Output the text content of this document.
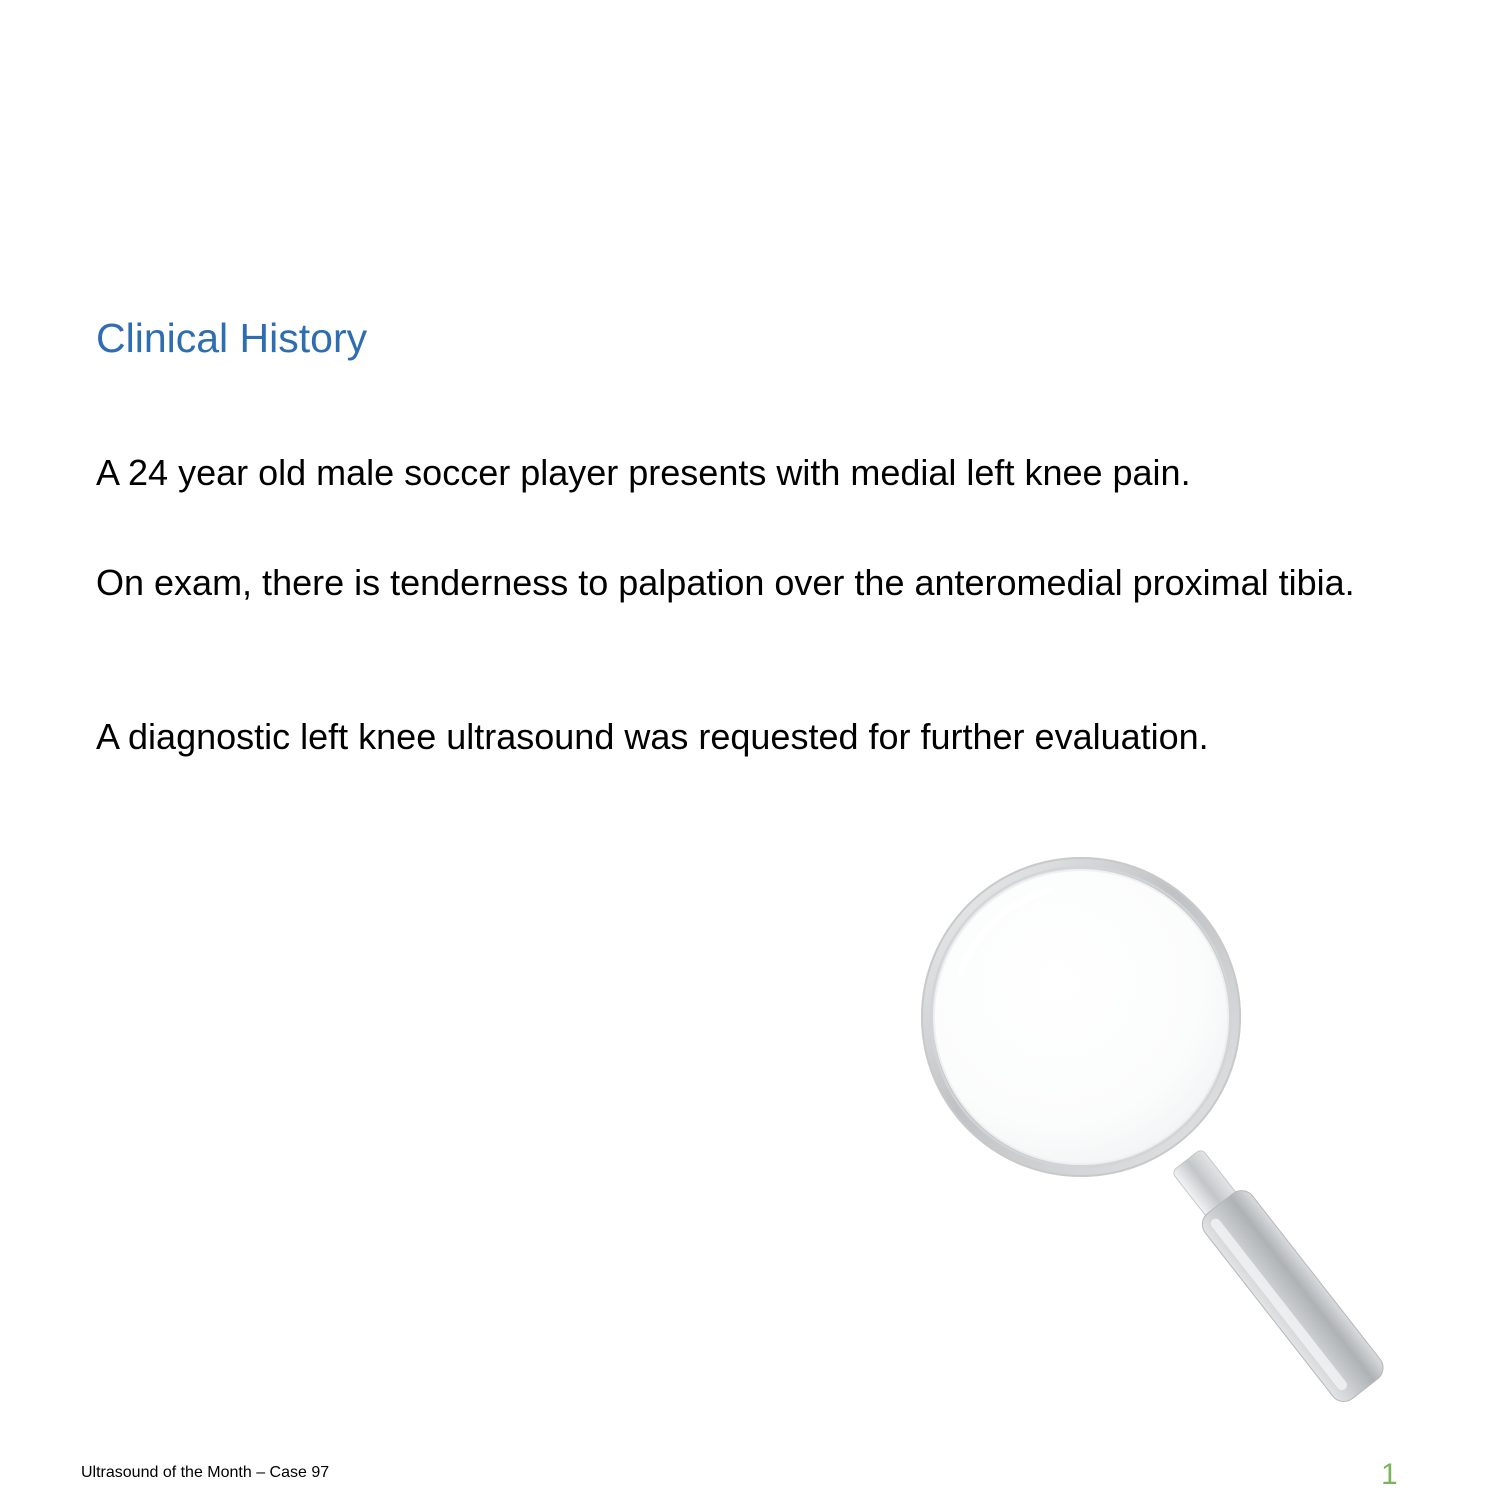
Clinical History

A 24 year old male soccer player presents with medial left knee pain.

On exam, there is tenderness to palpation over the anteromedial proximal tibia.

A diagnostic left knee ultrasound was requested for further evaluation.

Ultrasound of the Month – Case 97	1
